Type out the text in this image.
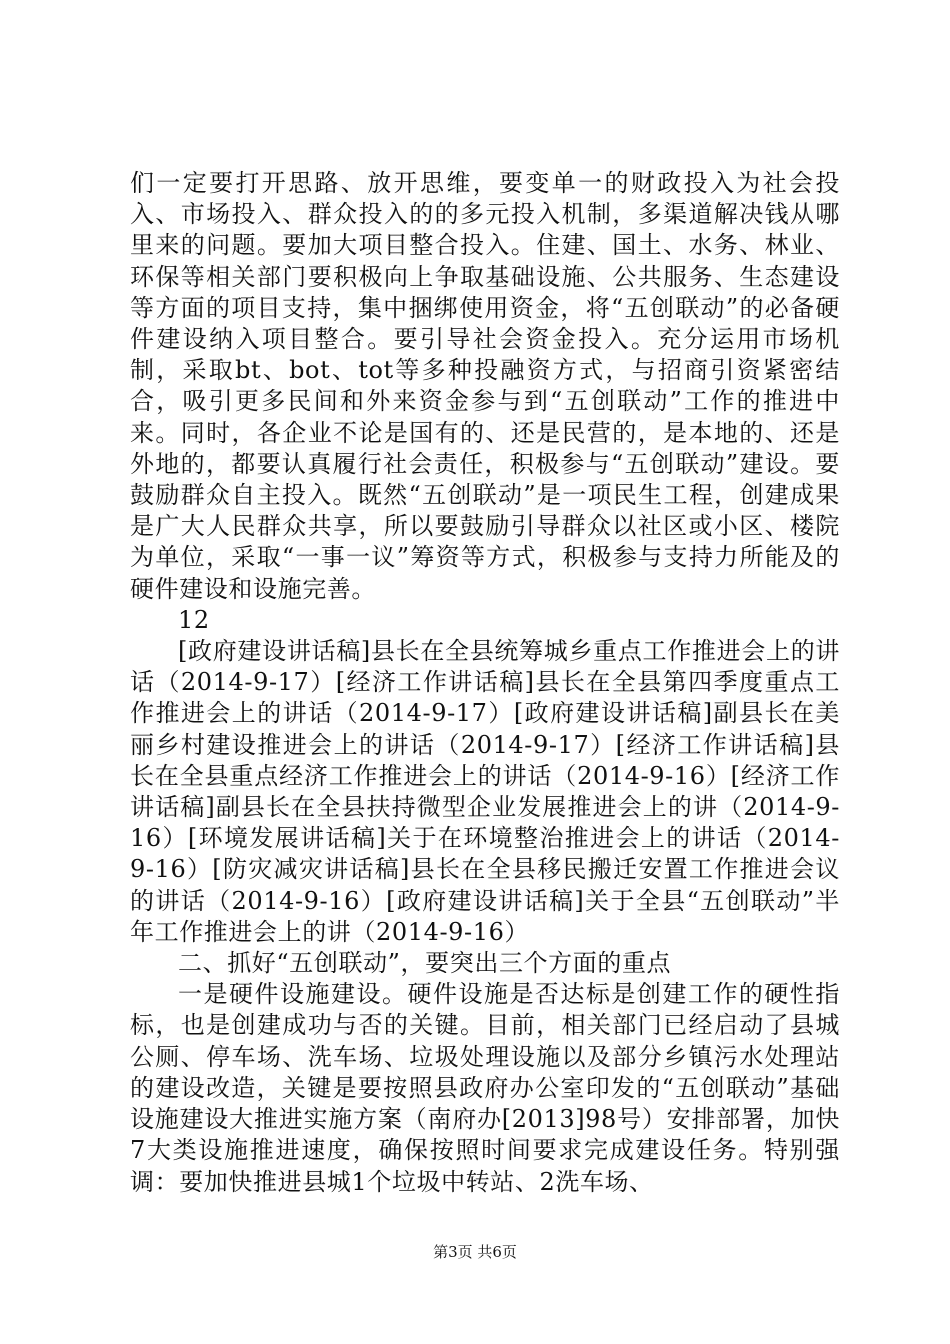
们一定要打开思路、放开思维，要变单一的财政投入为社会投入、市场投入、群众投入的的多元投入机制，多渠道解决钱从哪里来的问题。要加大项目整合投入。住建、国土、水务、林业、环保等相关部门要积极向上争取基础设施、公共服务、生态建设等方面的项目支持，集中捆绑使用资金，将“五创联动”的必备硬件建设纳入项目整合。要引导社会资金投入。充分运用市场机制，采取bt、bot、tot等多种投融资方式，与招商引资紧密结合，吸引更多民间和外来资金参与到“五创联动”工作的推进中来。同时，各企业不论是国有的、还是民营的，是本地的、还是外地的，都要认真履行社会责任，积极参与“五创联动”建设。要鼓励群众自主投入。既然“五创联动”是一项民生工程，创建成果是广大人民群众共享，所以要鼓励引导群众以社区或小区、楼院为单位，采取“一事一议”筹资等方式，积极参与支持力所能及的硬件建设和设施完善。

12

[政府建设讲话稿]县长在全县统筹城乡重点工作推进会上的讲话（2014-9-17）[经济工作讲话稿]县长在全县第四季度重点工作推进会上的讲话（2014-9-17）[政府建设讲话稿]副县长在美丽乡村建设推进会上的讲话（2014-9-17）[经济工作讲话稿]县长在全县重点经济工作推进会上的讲话（2014-9-16）[经济工作讲话稿]副县长在全县扶持微型企业发展推进会上的讲（2014-9-16）[环境发展讲话稿]关于在环境整治推进会上的讲话（2014-9-16）[防灾减灾讲话稿]县长在全县移民搬迁安置工作推进会议的讲话（2014-9-16）[政府建设讲话稿]关于全县“五创联动”半年工作推进会上的讲（2014-9-16）

二、抓好“五创联动”，要突出三个方面的重点

一是硬件设施建设。硬件设施是否达标是创建工作的硬性指标，也是创建成功与否的关键。目前，相关部门已经启动了县城公厕、停车场、洗车场、垃圾处理设施以及部分乡镇污水处理站的建设改造，关键是要按照县政府办公室印发的“五创联动”基础设施建设大推进实施方案（南府办[2013]98号）安排部署，加快7大类设施推进速度，确保按照时间要求完成建设任务。特别强调：要加快推进县城1个垃圾中转站、2洗车场、

第3页 共6页
